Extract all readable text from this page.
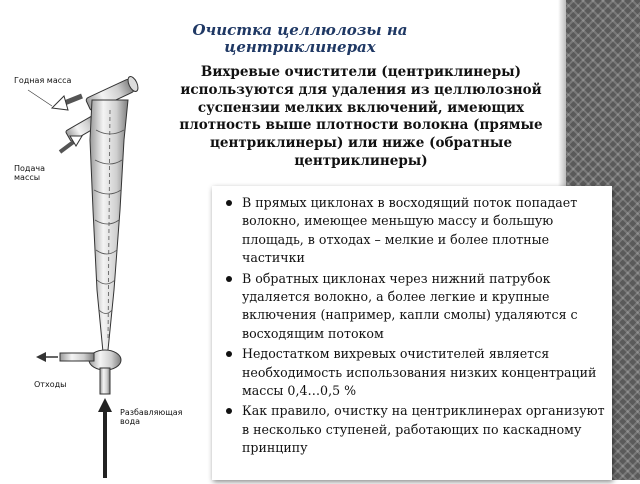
Очистка целлюлозы на центриклинерах
Вихревые очистители (центриклинеры) используются для удаления из целлюлозной суспензии мелких включений, имеющих плотность выше плотности волокна (прямые центриклинеры) или ниже (обратные центриклинеры)
Годная масса
Подача массы
Отходы
Разбавляющая вода
В прямых циклонах в восходящий поток попадает волокно, имеющее меньшую массу и большую площадь, в отходах – мелкие и более плотные частички
В обратных циклонах через нижний патрубок удаляется волокно, а более легкие и крупные включения (например, капли смолы) удаляются с восходящим потоком
Недостатком вихревых очистителей является необходимость использования низких концентраций массы 0,4…0,5 %
Как правило, очистку на центриклинерах организуют в несколько ступеней, работающих по каскадному принципу
